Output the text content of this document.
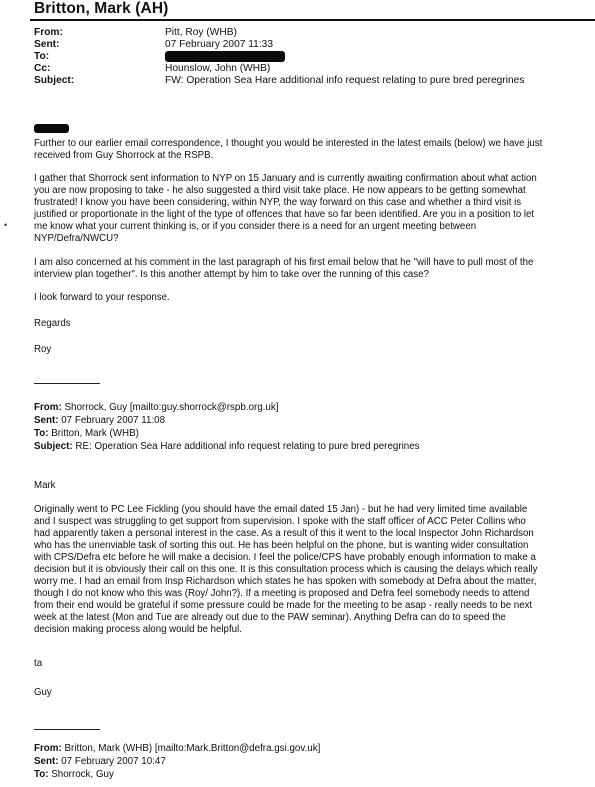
Britton, Mark (AH)
From:	Pitt, Roy (WHB)
Sent:	07 February 2007 11:33
To:
Cc:	Hounslow, John (WHB)
Subject:	FW: Operation Sea Hare additional info request relating to pure bred peregrines

Further to our earlier email correspondence, I thought you would be interested in the latest emails (below) we have just
received from Guy Shorrock at the RSPB.

I gather that Shorrock sent information to NYP on 15 January and is currently awaiting confirmation about what action
you are now proposing to take - he also suggested a third visit take place. He now appears to be getting somewhat
frustrated! I know you have been considering, within NYP, the way forward on this case and whether a third visit is
justified or proportionate in the light of the type of offences that have so far been identified. Are you in a position to let
me know what your current thinking is, or if you consider there is a need for an urgent meeting between
NYP/Defra/NWCU?

•

I am also concerned at his comment in the last paragraph of his first email below that he "will have to pull most of the
interview plan together". Is this another attempt by him to take over the running of this case?

I look forward to your response.

Regards

Roy

From: Shorrock, Guy [mailto:guy.shorrock@rspb.org.uk]
Sent: 07 February 2007 11:08
To: Britton, Mark (WHB)
Subject: RE: Operation Sea Hare additional info request relating to pure bred peregrines

Mark

Originally went to PC Lee Fickling (you should have the email dated 15 Jan) - but he had very limited time available
and I suspect was struggling to get support from supervision. I spoke with the staff officer of ACC Peter Collins who
had apparently taken a personal interest in the case. As a result of this it went to the local Inspector John Richardson
who has the unenviable task of sorting this out. He has been helpful on the phone, but is wanting wider consultation
with CPS/Defra etc before he will make a decision. I feel the police/CPS have probably enough information to make a
decision but it is obviously their call on this one. It is this consultation process which is causing the delays which really
worry me. I had an email from Insp Richardson which states he has spoken with somebody at Defra about the matter,
though I do not know who this was (Roy/ John?). If a meeting is proposed and Defra feel somebody needs to attend
from their end would be grateful if some pressure could be made for the meeting to be asap - really needs to be next
week at the latest (Mon and Tue are already out due to the PAW seminar). Anything Defra can do to speed the
decision making process along would be helpful.

ta

Guy

From: Britton, Mark (WHB) [mailto:Mark.Britton@defra.gsi.gov.uk]
Sent: 07 February 2007 10:47
To: Shorrock, Guy
